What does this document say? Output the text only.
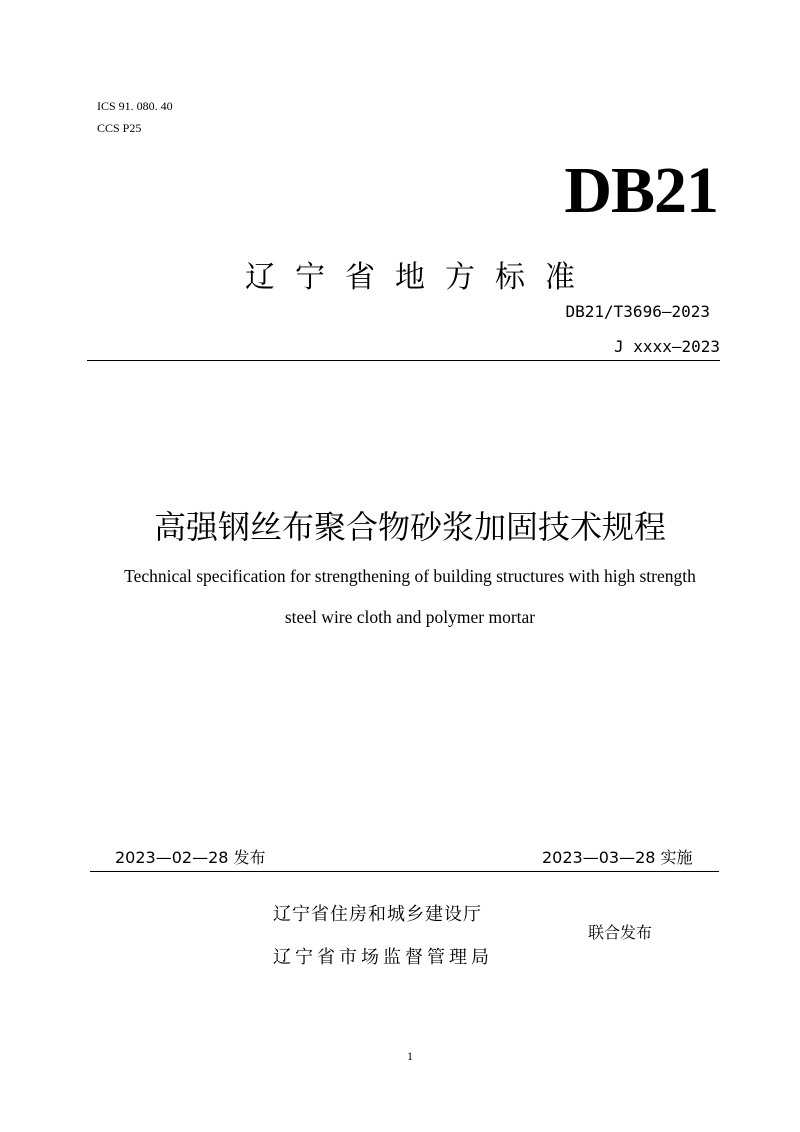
ICS 91. 080. 40
CCS P25
DB21
辽宁省地方标准
DB21/T3696—2023
J xxxx—2023
高强钢丝布聚合物砂浆加固技术规程
Technical specification for strengthening of building structures with high strength
steel wire cloth and polymer mortar
2023—02—28 发布	2023—03—28 实施
辽宁省住房和城乡建设厅
辽宁省市场监督管理局
联合发布
1
